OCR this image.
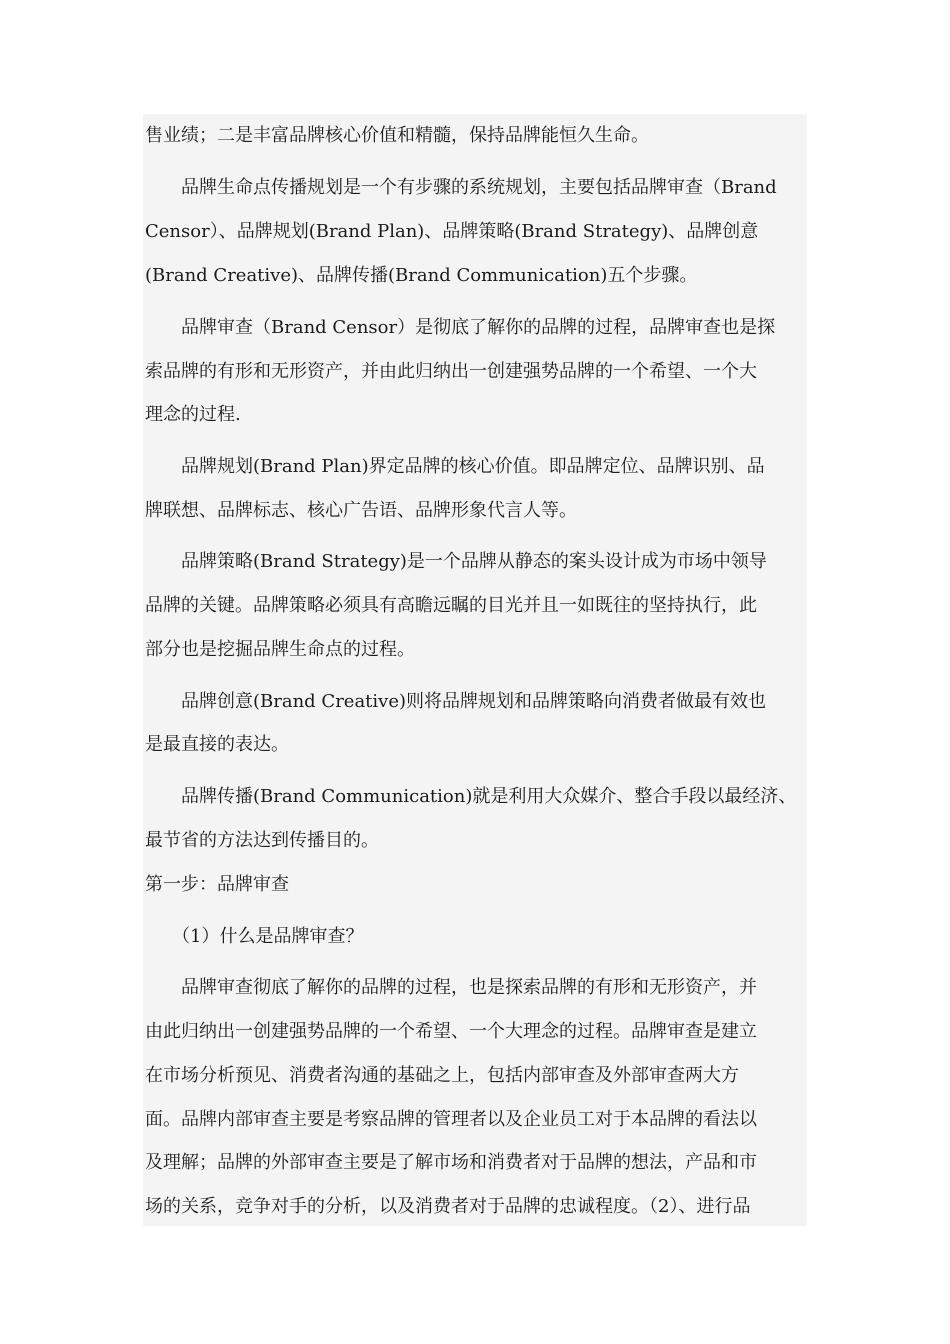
售业绩；二是丰富品牌核心价值和精髓，保持品牌能恒久生命。
　　品牌生命点传播规划是一个有步骤的系统规划，主要包括品牌审查（Brand
Censor）、品牌规划(Brand Plan)、品牌策略(Brand Strategy)、品牌创意
(Brand Creative)、品牌传播(Brand Communication)五个步骤。
　　品牌审查（Brand Censor）是彻底了解你的品牌的过程，品牌审查也是探
索品牌的有形和无形资产，并由此归纳出一创建强势品牌的一个希望、一个大
理念的过程.
　　品牌规划(Brand Plan)界定品牌的核心价值。即品牌定位、品牌识别、品
牌联想、品牌标志、核心广告语、品牌形象代言人等。
　　品牌策略(Brand Strategy)是一个品牌从静态的案头设计成为市场中领导
品牌的关键。品牌策略必须具有高瞻远瞩的目光并且一如既往的坚持执行，此
部分也是挖掘品牌生命点的过程。
　　品牌创意(Brand Creative)则将品牌规划和品牌策略向消费者做最有效也
是最直接的表达。
　　品牌传播(Brand Communication)就是利用大众媒介、整合手段以最经济、
最节省的方法达到传播目的。
第一步：品牌审查
　　（1）什么是品牌审查？
　　品牌审查彻底了解你的品牌的过程，也是探索品牌的有形和无形资产，并
由此归纳出一创建强势品牌的一个希望、一个大理念的过程。品牌审查是建立
在市场分析预见、消费者沟通的基础之上，包括内部审查及外部审查两大方
面。品牌内部审查主要是考察品牌的管理者以及企业员工对于本品牌的看法以
及理解；品牌的外部审查主要是了解市场和消费者对于品牌的想法，产品和市
场的关系，竞争对手的分析，以及消费者对于品牌的忠诚程度。（2）、进行品
